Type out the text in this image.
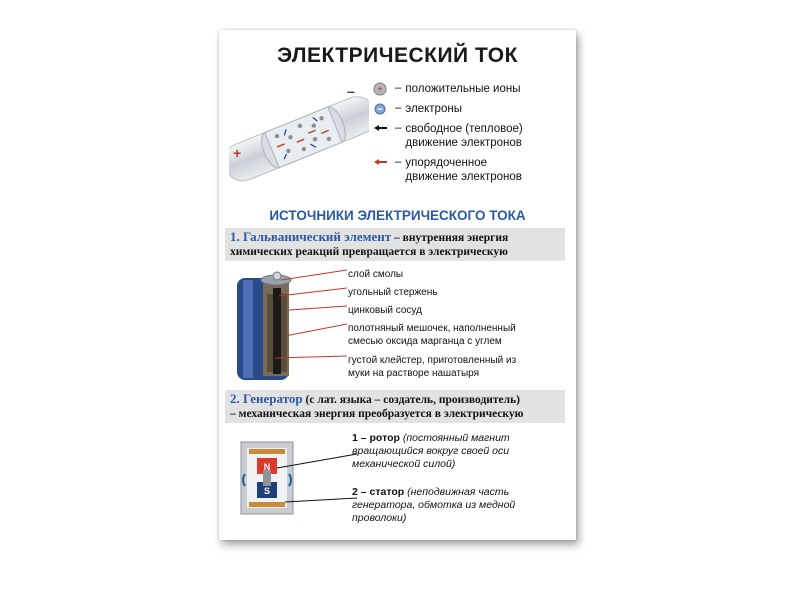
ЭЛЕКТРИЧЕСКИЙ ТОК
+
– + – положительные ионы
– электроны
– свободное (тепловое)
движение электронов
– упорядоченное
движение электронов
ИСТОЧНИКИ ЭЛЕКТРИЧЕСКОГО ТОКА
1. Гальванический элемент – внутренняя энергия
химических реакций превращается в электрическую
слой смолы
угольный стержень
цинковый сосуд
полотняный мешочек, наполненный
смесью оксида марганца с углем
густой клейстер, приготовленный из
муки на растворе нашатыря
2. Генератор (с лат. языка – создатель, производитель)
– механическая энергия преобразуется в электрическую
N
S
1 – ротор (постоянный магнит
вращающийся вокруг своей оси
механической силой)
2 – статор (неподвижная часть
генератора, обмотка из медной
проволоки)
